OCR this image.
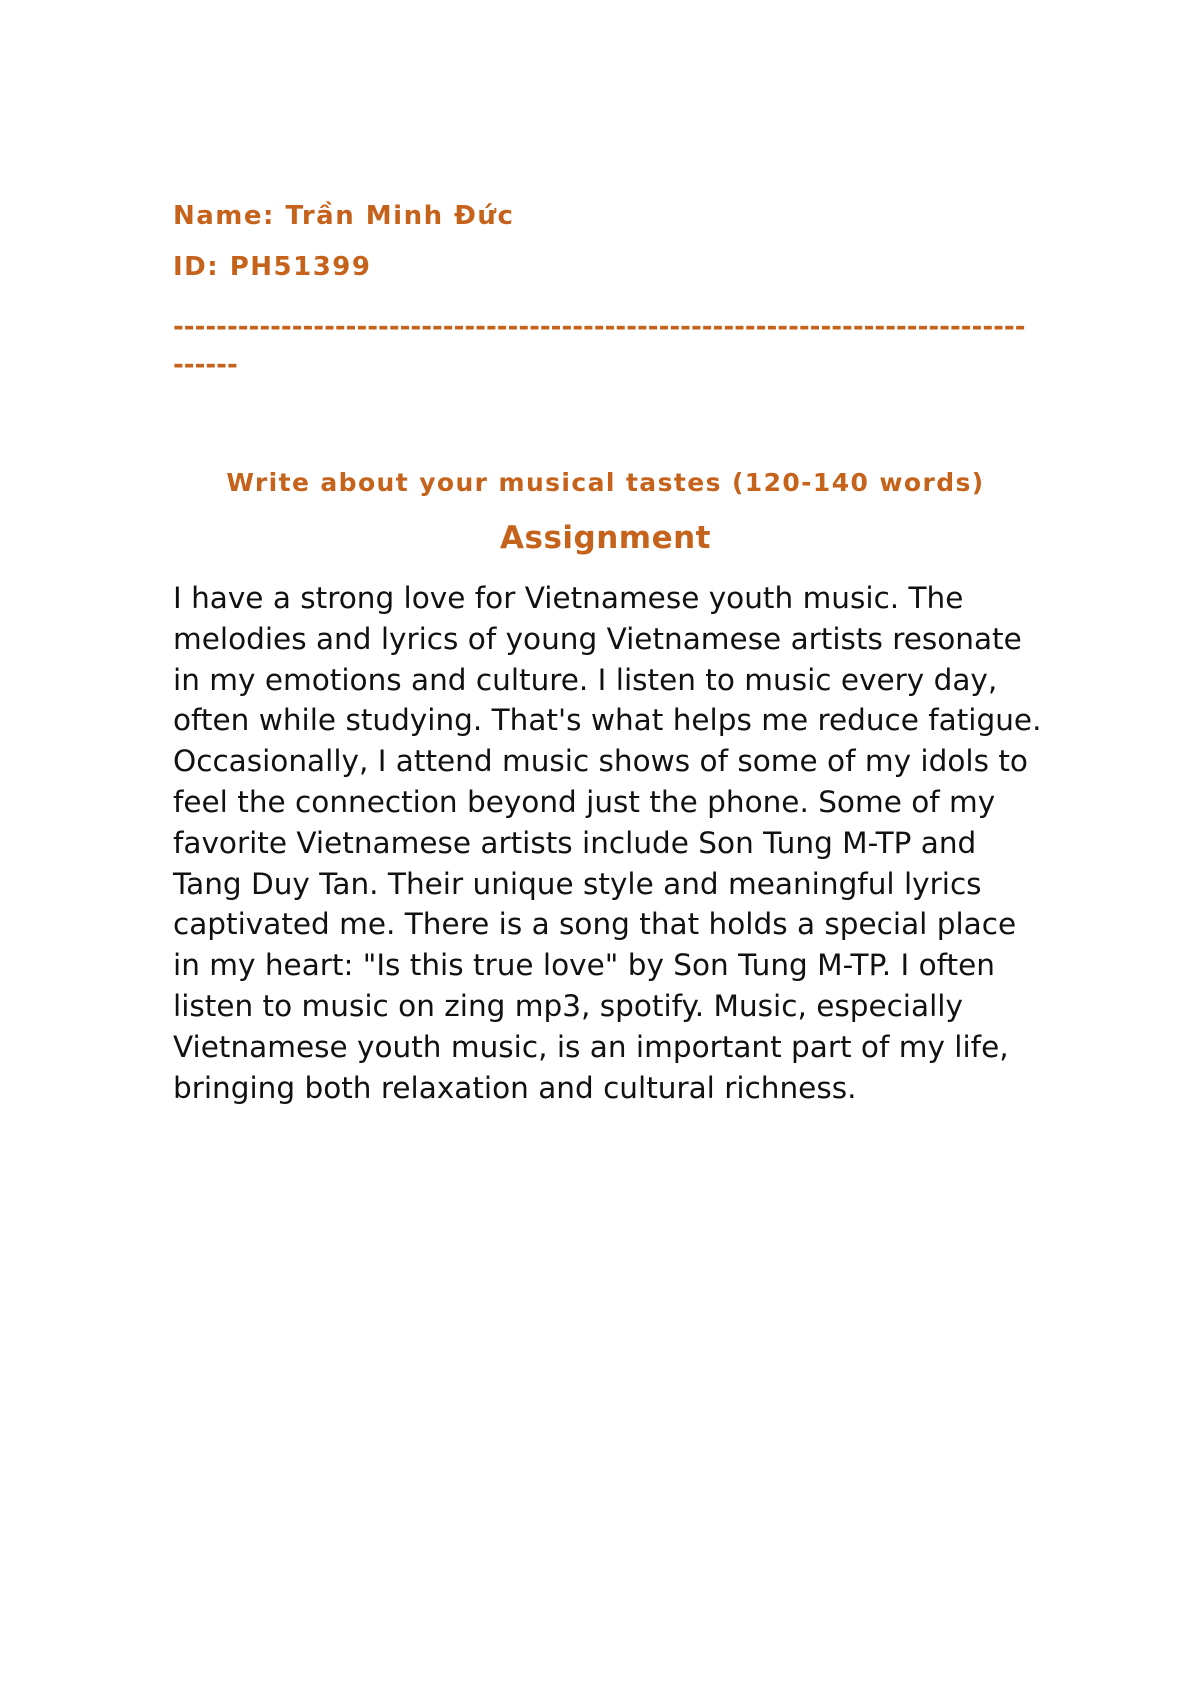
Name: Trần Minh Đức
ID: PH51399
-------------------------------------------------------------------------------------
Write about your musical tastes (120-140 words)
Assignment
I have a strong love for Vietnamese youth music. The melodies and lyrics of young Vietnamese artists resonate in my emotions and culture. I listen to music every day, often while studying. That's what helps me reduce fatigue. Occasionally, I attend music shows of some of my idols to feel the connection beyond just the phone. Some of my favorite Vietnamese artists include Son Tung M-TP and Tang Duy Tan. Their unique style and meaningful lyrics captivated me. There is a song that holds a special place in my heart: "Is this true love" by Son Tung M-TP. I often listen to music on zing mp3, spotify. Music, especially Vietnamese youth music, is an important part of my life, bringing both relaxation and cultural richness.
